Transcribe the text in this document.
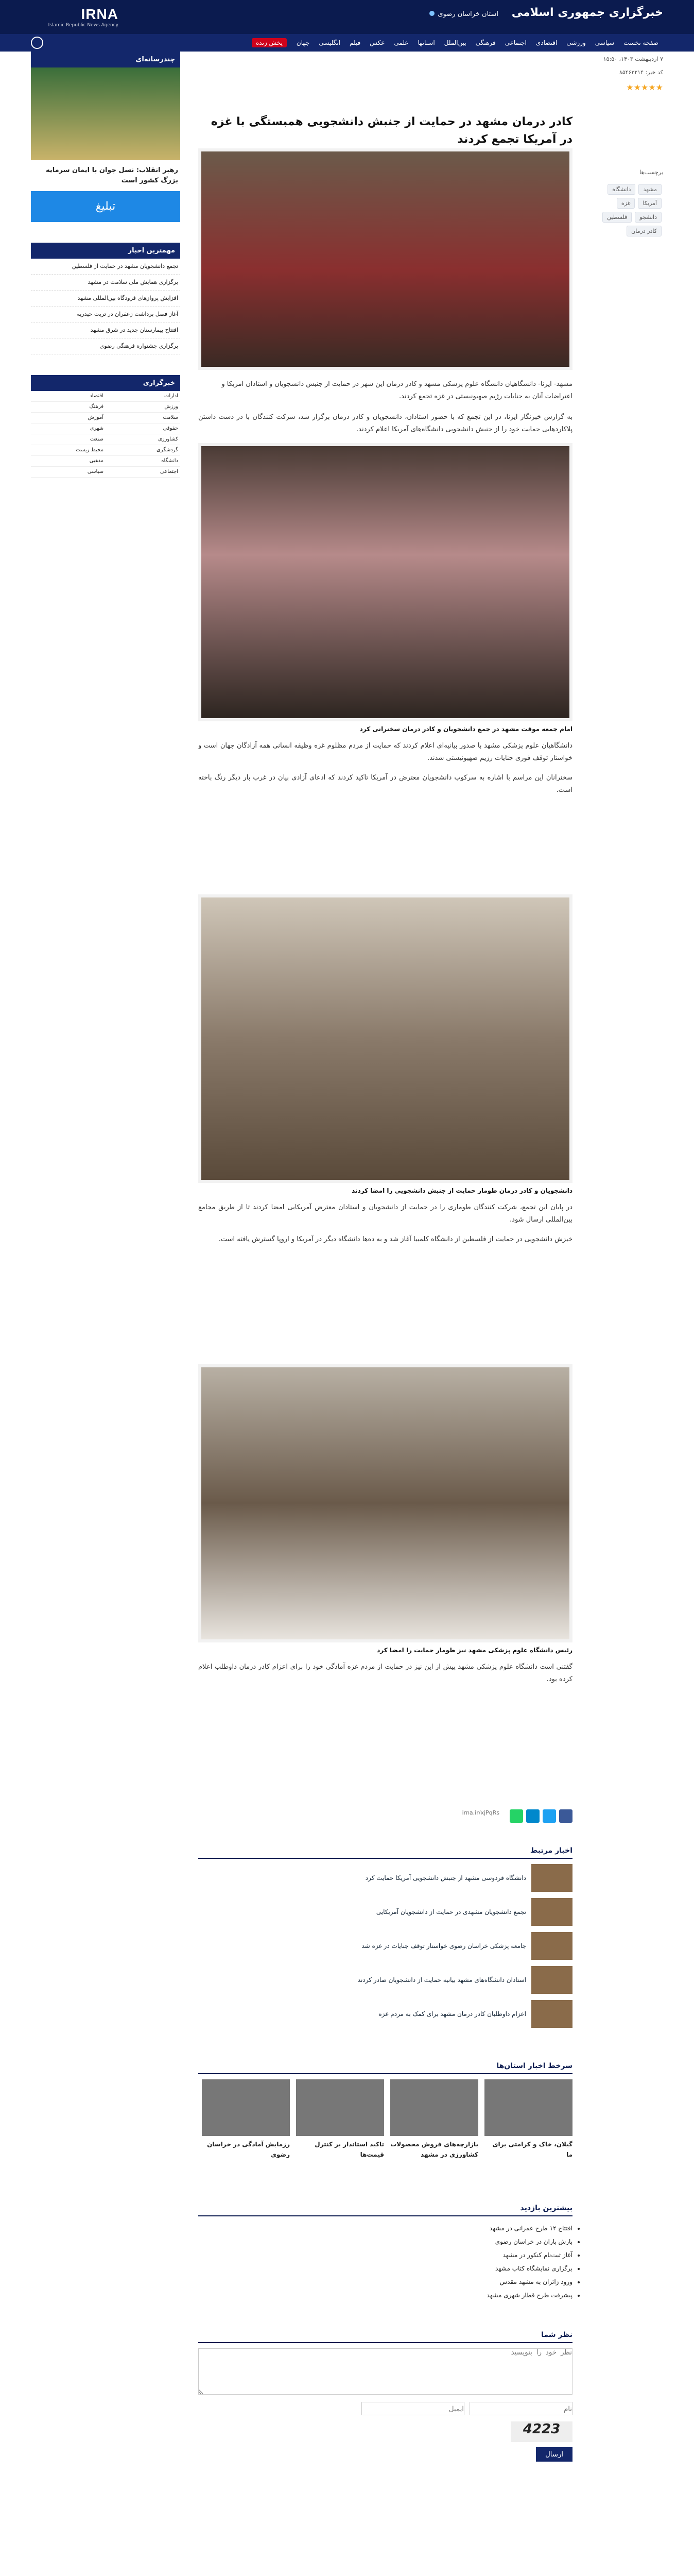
IRNA
Islamic Republic News Agency
خبرگزاری جمهوری اسلامی
استان خراسان رضوی
صفحه نخست
سیاسی
ورزشی
اقتصادی
اجتماعی
فرهنگی
بین‌الملل
استانها
علمی
عکس
فیلم
انگلیسی
جهان
پخش زنده
۷ اردیبهشت ۱۴۰۳، ۱۵:۵۰
کد خبر: ۸۵۴۶۳۲۱۴
★★★★★
برچسب‌ها
مشهددانشگاهآمریکاغزهدانشجوفلسطینکادر درمان
کادر درمان مشهد در حمایت از جنبش دانشجویی همبستگی با غزه در آمریکا تجمع کردند

مشهد- ایرنا- دانشگاهیان دانشگاه علوم پزشکی مشهد و کادر درمان این شهر در حمایت از جنبش دانشجویان و استادان امریکا و اعتراضات آنان به جنایات رژیم صهیونیستی در غزه تجمع کردند.

به گزارش خبرنگار ایرنا، در این تجمع که با حضور استادان، دانشجویان و کادر درمان برگزار شد، شرکت کنندگان با در دست داشتن پلاکاردهایی حمایت خود را از جنبش دانشجویی دانشگاه‌های آمریکا اعلام کردند.

امام جمعه موقت مشهد در جمع دانشجویان و کادر درمان سخنرانی کرد

دانشگاهیان علوم پزشکی مشهد با صدور بیانیه‌ای اعلام کردند که حمایت از مردم مظلوم غزه وظیفه انسانی همه آزادگان جهان است و خواستار توقف فوری جنایات رژیم صهیونیستی شدند.

سخنرانان این مراسم با اشاره به سرکوب دانشجویان معترض در آمریکا تاکید کردند که ادعای آزادی بیان در غرب بار دیگر رنگ باخته است.

دانشجویان و کادر درمان طومار حمایت از جنبش دانشجویی را امضا کردند

در پایان این تجمع، شرکت کنندگان طوماری را در حمایت از دانشجویان و استادان معترض آمریکایی امضا کردند تا از طریق مجامع بین‌المللی ارسال شود.

خیزش دانشجویی در حمایت از فلسطین از دانشگاه کلمبیا آغاز شد و به ده‌ها دانشگاه دیگر در آمریکا و اروپا گسترش یافته است.

رئیس دانشگاه علوم پزشکی مشهد نیز طومار حمایت را امضا کرد

گفتنی است دانشگاه علوم پزشکی مشهد پیش از این نیز در حمایت از مردم غزه آمادگی خود را برای اعزام کادر درمان داوطلب اعلام کرده بود.

irna.ir/xjPqRs
اخبار مرتبط
دانشگاه فردوسی مشهد از جنبش دانشجویی آمریکا حمایت کرد
تجمع دانشجویان مشهدی در حمایت از دانشجویان آمریکایی
جامعه پزشکی خراسان رضوی خواستار توقف جنایات در غزه شد
استادان دانشگاه‌های مشهد بیانیه حمایت از دانشجویان صادر کردند
اعزام داوطلبان کادر درمان مشهد برای کمک به مردم غزه
سرخط اخبار استان‌ها
گیلان، خاک و کرامتی برای ما
بازارچه‌های فروش محصولات کشاورزی در مشهد
تاکید استاندار بر کنترل قیمت‌ها
رزمایش آمادگی در خراسان رضوی
بیشترین بازدید
• افتتاح ۱۲ طرح عمرانی در مشهد
• بارش باران در خراسان رضوی
• آغاز ثبت‌نام کنکور در مشهد
• برگزاری نمایشگاه کتاب مشهد
• ورود زائران به مشهد مقدس
• پیشرفت طرح قطار شهری مشهد
نظر شما
نظر خود را بنویسید
نام
ایمیل
4223
ارسال
چندرسانه‌ای
رهبر انقلاب: نسل جوان با ایمان سرمایه بزرگ کشور است
تبلیغ
مهمترین اخبار
تجمع دانشجویان مشهد در حمایت از فلسطین
برگزاری همایش ملی سلامت در مشهد
افزایش پروازهای فرودگاه بین‌المللی مشهد
آغاز فصل برداشت زعفران در تربت حیدریه
افتتاح بیمارستان جدید در شرق مشهد
برگزاری جشنواره فرهنگی رضوی
خبرگزاری
ادارات
اقتصاد
ورزش
فرهنگ
سلامت
آموزش
حقوقی
شهری
کشاورزی
صنعت
گردشگری
محیط زیست
دانشگاه
مذهبی
اجتماعی
سیاسی
